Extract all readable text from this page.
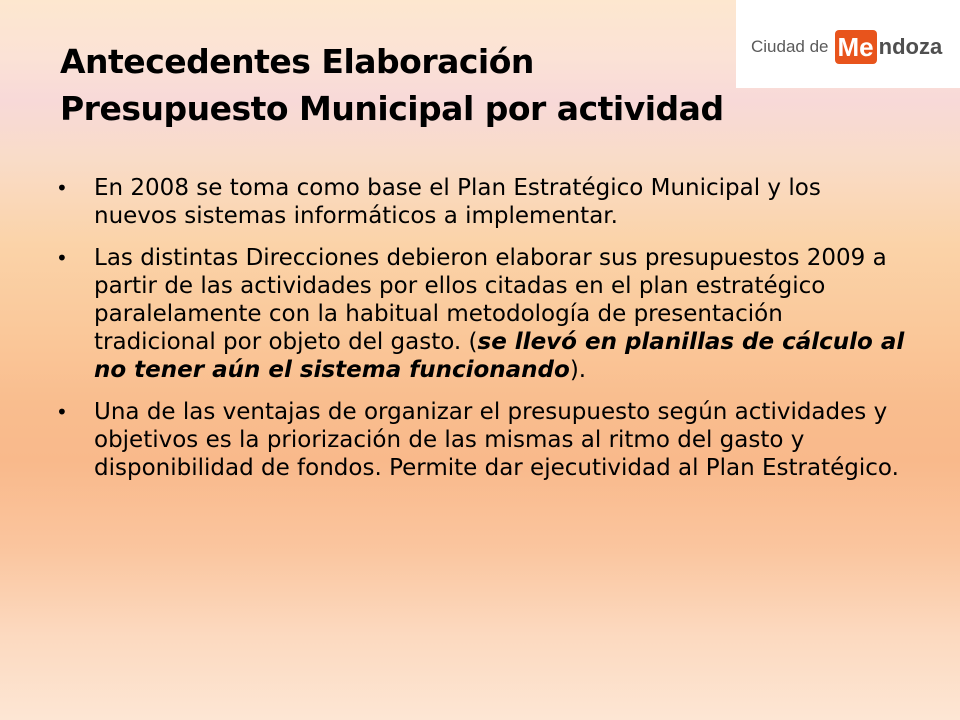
Ciudad de Me ndoza
Antecedentes Elaboración
Presupuesto Municipal por actividad
• En 2008 se toma como base el Plan Estratégico Municipal y los nuevos sistemas informáticos a implementar.
• Las distintas Direcciones debieron elaborar sus presupuestos 2009 a partir de las actividades por ellos citadas en el plan estratégico paralelamente con la habitual metodología de presentación tradicional por objeto del gasto. (se llevó en planillas de cálculo al no tener aún el sistema funcionando).
• Una de las ventajas de organizar el presupuesto según actividades y objetivos es la priorización de las mismas al ritmo del gasto y disponibilidad de fondos. Permite dar ejecutividad al Plan Estratégico.
